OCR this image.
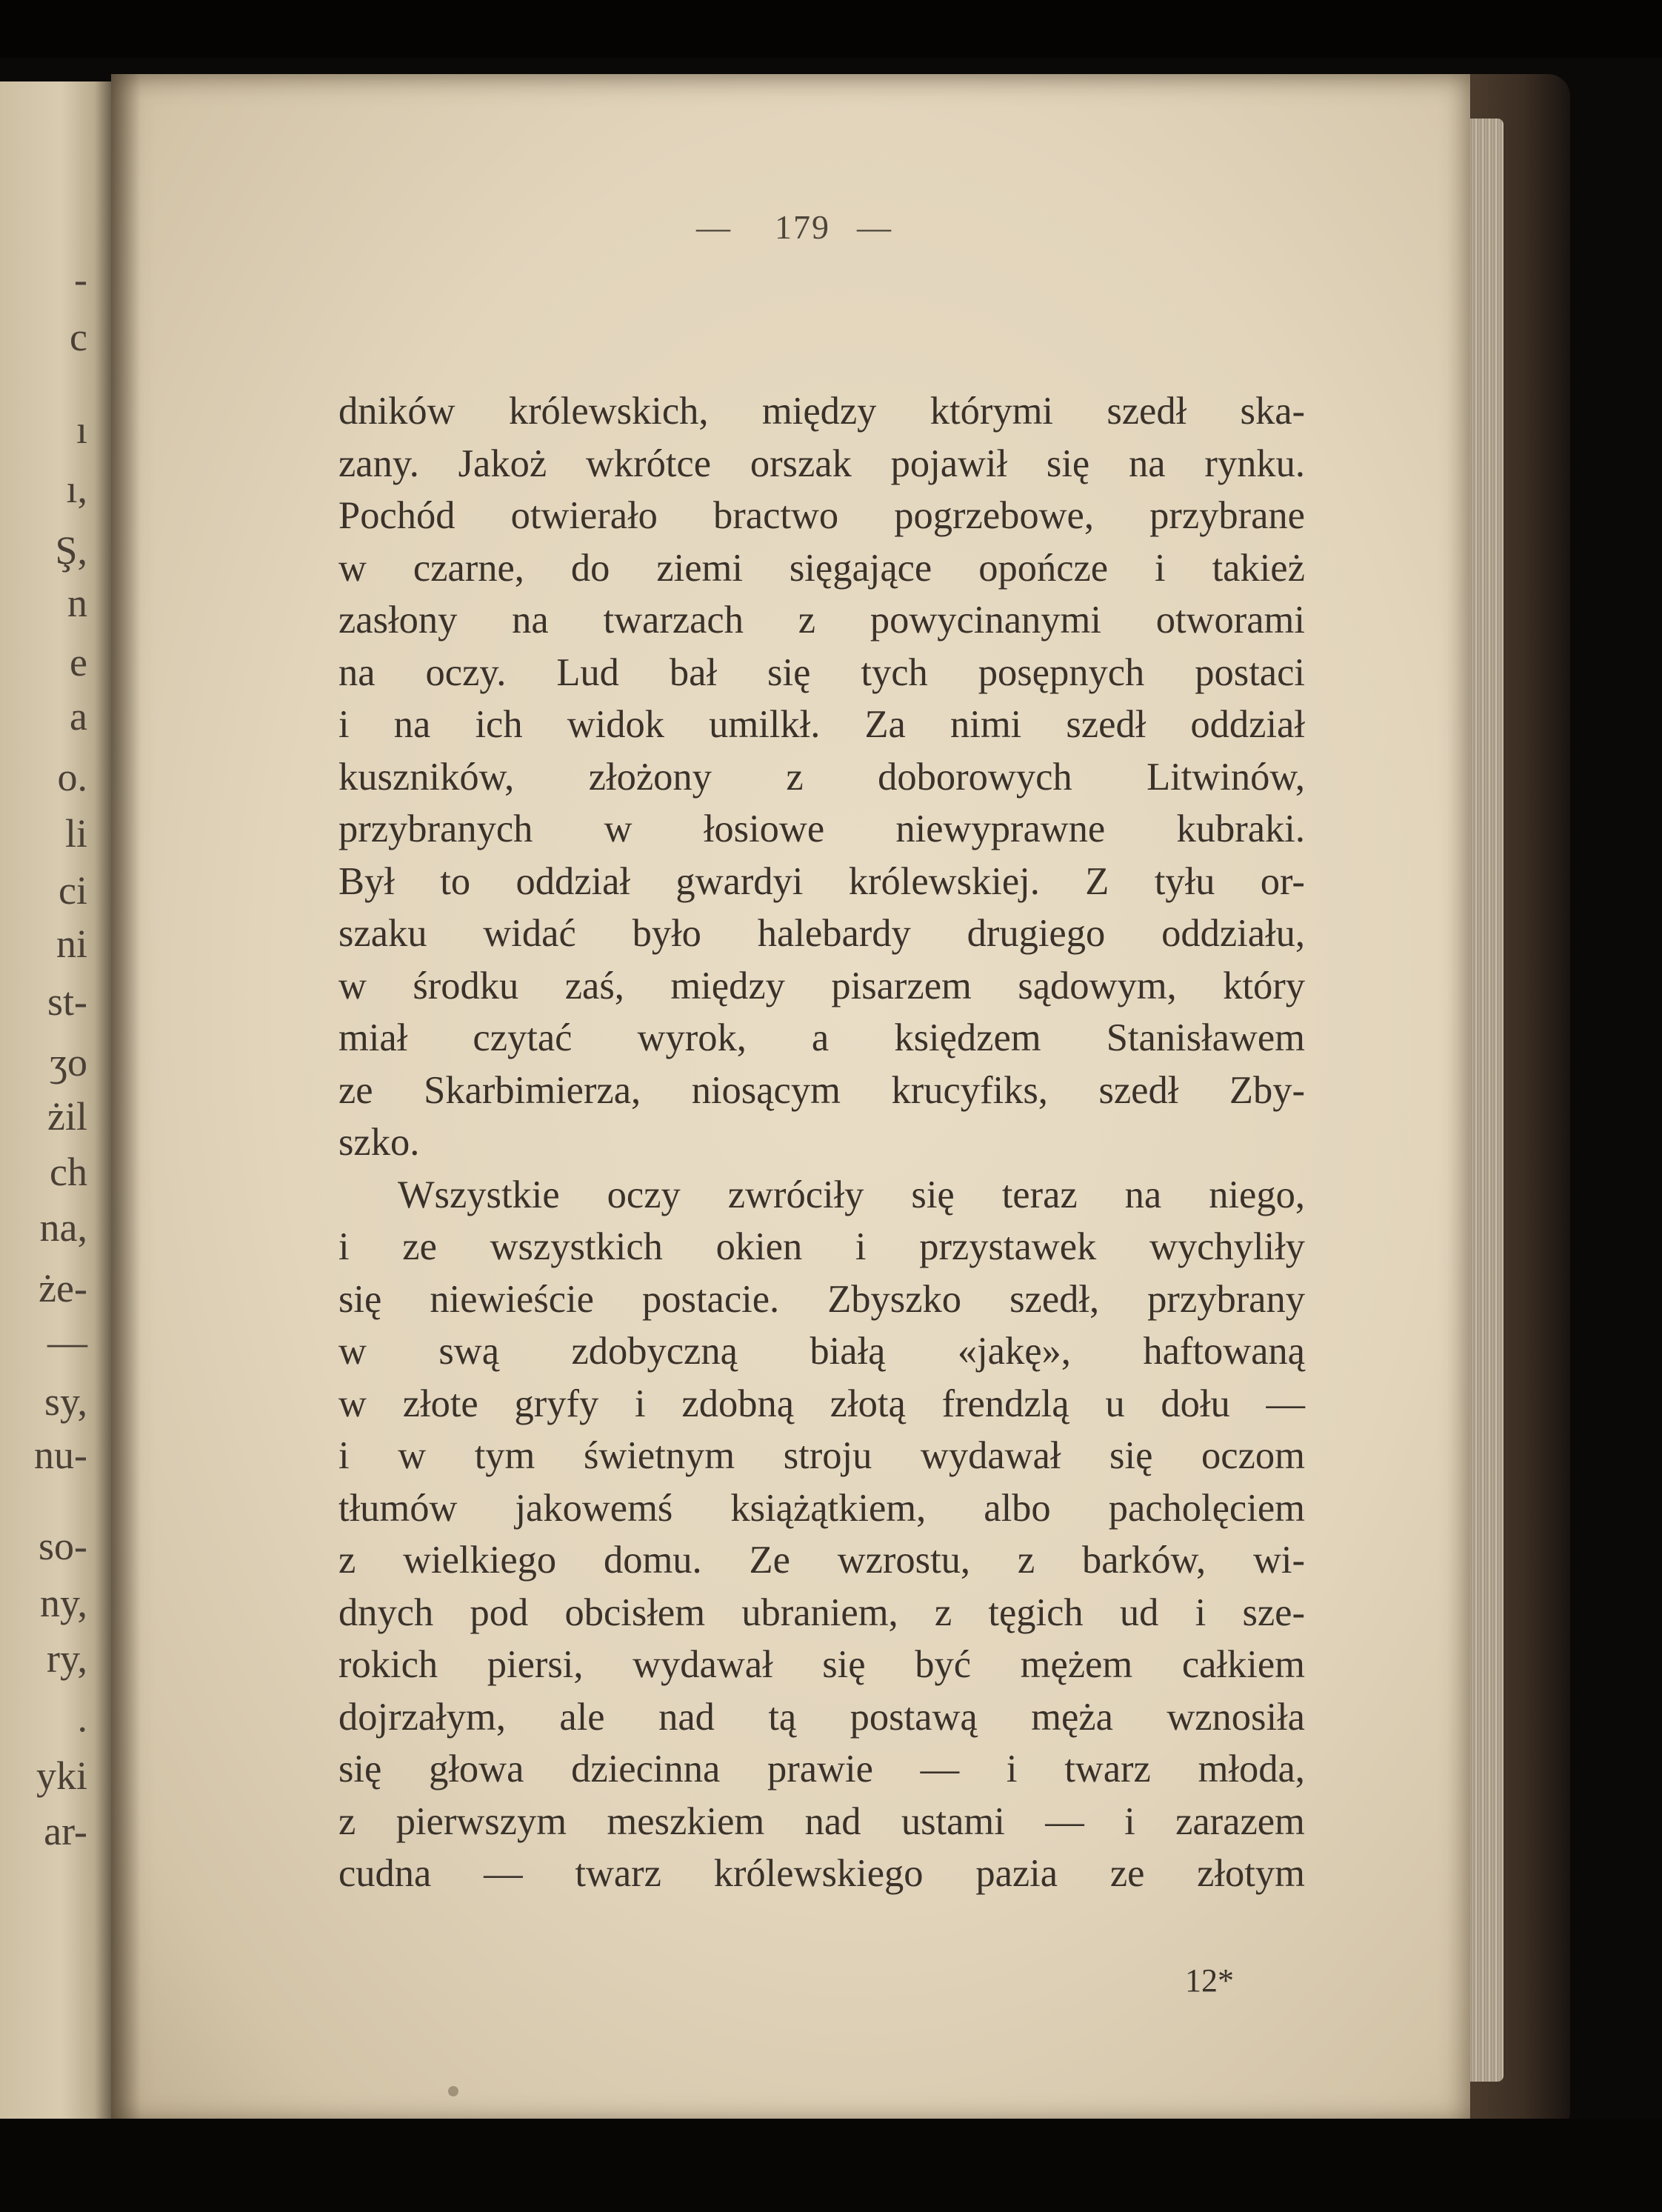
-
c
ı
ı,
Ş,
n
e
a
o.
li
ci
ni
st-
ʒo
żil
ch
na,
że-
—
sy,
nu-
so-
ny,
ry,
.
yki
ar-
— 179 —
dników królewskich, między którymi szedł ska-
zany. Jakoż wkrótce orszak pojawił się na rynku.
Pochód otwierało bractwo pogrzebowe, przybrane
w czarne, do ziemi sięgające opończe i takież
zasłony na twarzach z powycinanymi otworami
na oczy. Lud bał się tych posępnych postaci
i na ich widok umilkł. Za nimi szedł oddział
kuszników, złożony z doborowych Litwinów,
przybranych w łosiowe niewyprawne kubraki.
Był to oddział gwardyi królewskiej. Z tyłu or-
szaku widać było halebardy drugiego oddziału,
w środku zaś, między pisarzem sądowym, który
miał czytać wyrok, a księdzem Stanisławem
ze Skarbimierza, niosącym krucyfiks, szedł Zby-
szko.
Wszystkie oczy zwróciły się teraz na niego,
i ze wszystkich okien i przystawek wychyliły
się niewieście postacie. Zbyszko szedł, przybrany
w swą zdobyczną białą «jakę», haftowaną
w złote gryfy i zdobną złotą frendzlą u dołu —
i w tym świetnym stroju wydawał się oczom
tłumów jakowemś książątkiem, albo pacholęciem
z wielkiego domu. Ze wzrostu, z barków, wi-
dnych pod obcisłem ubraniem, z tęgich ud i sze-
rokich piersi, wydawał się być mężem całkiem
dojrzałym, ale nad tą postawą męża wznosiła
się głowa dziecinna prawie — i twarz młoda,
z pierwszym meszkiem nad ustami — i zarazem
cudna — twarz królewskiego pazia ze złotym
12*
